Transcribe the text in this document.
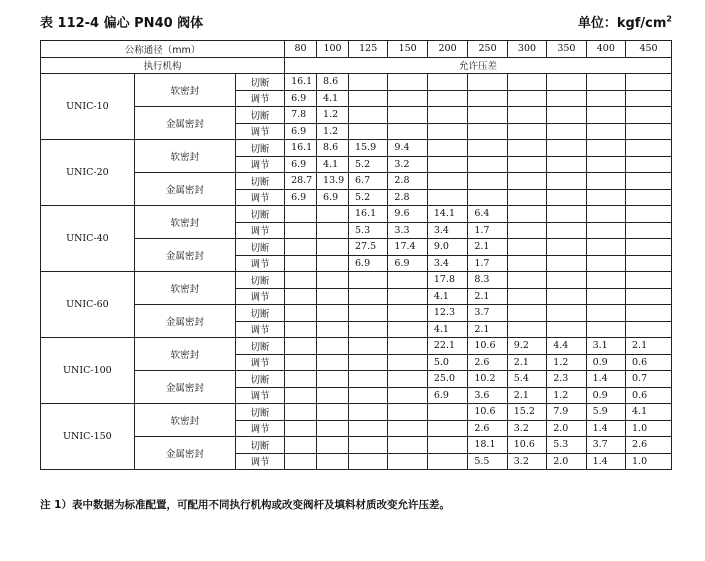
表 112-4 偏心 PN40 阀体	单位：kgf/$cm^2$
公称通径（mm）			80	100	125	150	200	250	300	350	400	450
执行机构			允许压差									
UNIC-10	软密封	切断	16.1	8.6								
		调节	6.9	4.1								
	金属密封	切断	7.8	1.2								
		调节	6.9	1.2								
UNIC-20	软密封	切断	16.1	8.6	15.9	9.4						
		调节	6.9	4.1	5.2	3.2						
	金属密封	切断	28.7	13.9	6.7	2.8						
		调节	6.9	6.9	5.2	2.8						
UNIC-40	软密封	切断			16.1	9.6	14.1	6.4				
		调节			5.3	3.3	3.4	1.7				
	金属密封	切断			27.5	17.4	9.0	2.1				
		调节			6.9	6.9	3.4	1.7				
UNIC-60	软密封	切断					17.8	8.3				
		调节					4.1	2.1				
	金属密封	切断					12.3	3.7				
		调节					4.1	2.1				
UNIC-100	软密封	切断					22.1	10.6	9.2	4.4	3.1	2.1
		调节					5.0	2.6	2.1	1.2	0.9	0.6
	金属密封	切断					25.0	10.2	5.4	2.3	1.4	0.7
		调节					6.9	3.6	2.1	1.2	0.9	0.6
UNIC-150	软密封	切断						10.6	15.2	7.9	5.9	4.1
		调节						2.6	3.2	2.0	1.4	1.0
	金属密封	切断						18.1	10.6	5.3	3.7	2.6
		调节						5.5	3.2	2.0	1.4	1.0
注 1）表中数据为标准配置，可配用不同执行机构或改变阀杆及填料材质改变允许压差。
